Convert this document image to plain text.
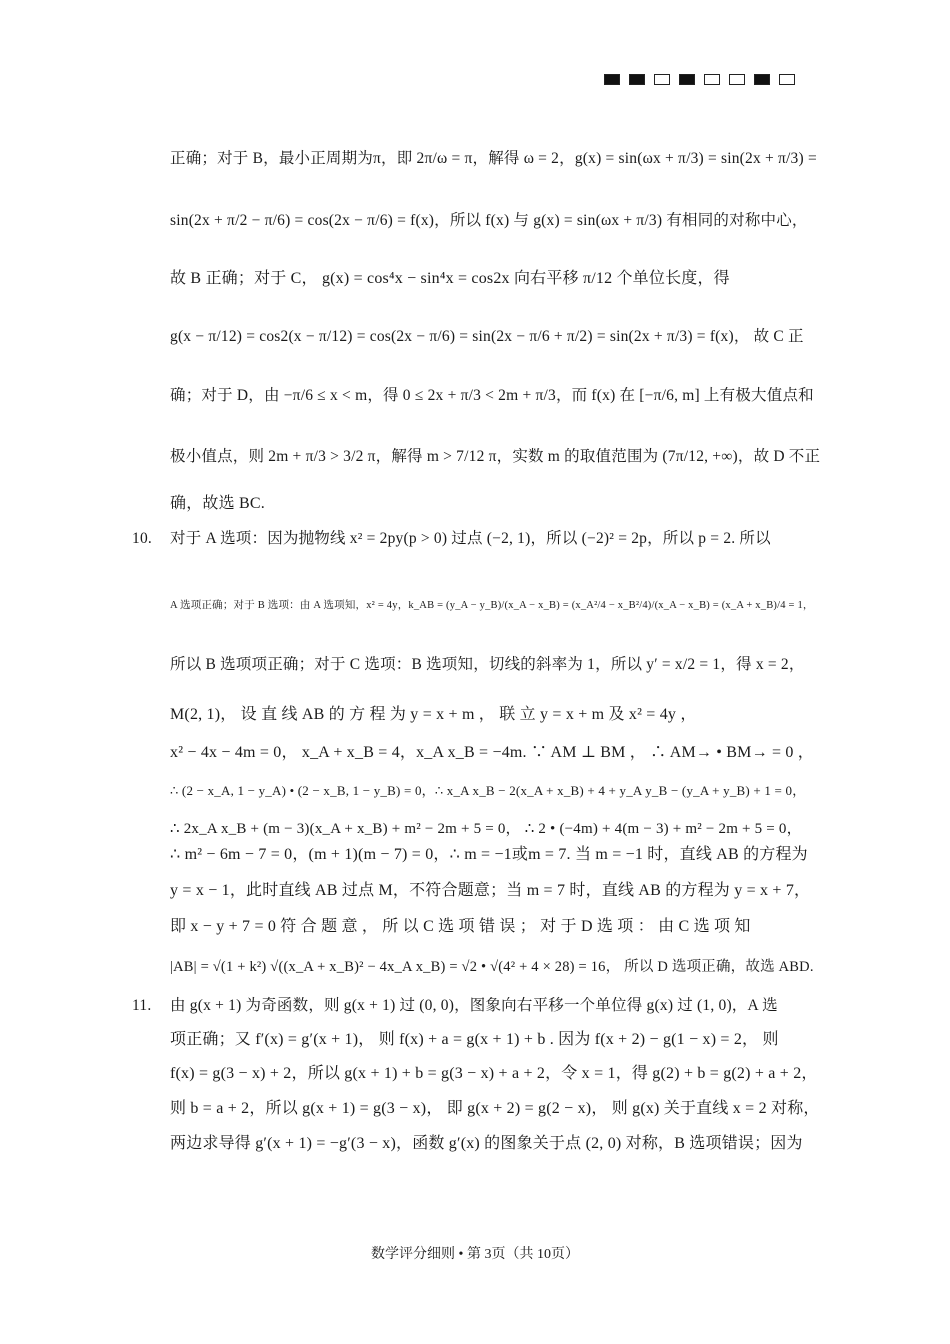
正确；对于 B，最小正周期为π，即 2π/ω = π，解得 ω = 2，g(x) = sin(ωx + π/3) = sin(2x + π/3) =
sin(2x + π/2 − π/6) = cos(2x − π/6) = f(x)，所以 f(x) 与 g(x) = sin(ωx + π/3) 有相同的对称中心，
故 B 正确；对于 C， g(x) = cos⁴x − sin⁴x = cos2x 向右平移 π/12 个单位长度，得
g(x − π/12) = cos2(x − π/12) = cos(2x − π/6) = sin(2x − π/6 + π/2) = sin(2x + π/3) = f(x)， 故 C 正
确；对于 D，由 −π/6 ≤ x < m，得 0 ≤ 2x + π/3 < 2m + π/3，而 f(x) 在 [−π/6, m] 上有极大值点和
极小值点，则 2m + π/3 > 3/2 π，解得 m > 7/12 π，实数 m 的取值范围为 (7π/12, +∞)，故 D 不正
确，故选 BC.
10. 对于 A 选项：因为抛物线 x² = 2py(p > 0) 过点 (−2, 1)，所以 (−2)² = 2p，所以 p = 2. 所以
A 选项正确；对于 B 选项：由 A 选项知，x² = 4y，k_AB = (y_A − y_B)/(x_A − x_B) = (x_A²/4 − x_B²/4)/(x_A − x_B) = (x_A + x_B)/4 = 1，
所以 B 选项项正确；对于 C 选项：B 选项知，切线的斜率为 1，所以 y′ = x/2 = 1，得 x = 2，
M(2, 1)， 设 直 线 AB 的 方 程 为 y = x + m ， 联 立 y = x + m 及 x² = 4y ，
x² − 4x − 4m = 0， x_A + x_B = 4，x_A x_B = −4m. ∵ AM ⊥ BM ， ∴ AM→ • BM→ = 0 ，
∴ (2 − x_A, 1 − y_A) • (2 − x_B, 1 − y_B) = 0，∴ x_A x_B − 2(x_A + x_B) + 4 + y_A y_B − (y_A + y_B) + 1 = 0，
∴ 2x_A x_B + (m − 3)(x_A + x_B) + m² − 2m + 5 = 0， ∴ 2 • (−4m) + 4(m − 3) + m² − 2m + 5 = 0，
∴ m² − 6m − 7 = 0，(m + 1)(m − 7) = 0，∴ m = −1或m = 7. 当 m = −1 时，直线 AB 的方程为
y = x − 1，此时直线 AB 过点 M，不符合题意；当 m = 7 时，直线 AB 的方程为 y = x + 7，
即 x − y + 7 = 0 符 合 题 意 ， 所 以 C 选 项 错 误 ； 对 于 D 选 项 ： 由 C 选 项 知
|AB| = √(1 + k²) √((x_A + x_B)² − 4x_A x_B) = √2 • √(4² + 4 × 28) = 16， 所以 D 选项正确，故选 ABD.
11. 由 g(x + 1) 为奇函数，则 g(x + 1) 过 (0, 0)，图象向右平移一个单位得 g(x) 过 (1, 0)，A 选
项正确；又 f′(x) = g′(x + 1)， 则 f(x) + a = g(x + 1) + b . 因为 f(x + 2) − g(1 − x) = 2， 则
f(x) = g(3 − x) + 2，所以 g(x + 1) + b = g(3 − x) + a + 2，令 x = 1，得 g(2) + b = g(2) + a + 2，
则 b = a + 2，所以 g(x + 1) = g(3 − x)， 即 g(x + 2) = g(2 − x)， 则 g(x) 关于直线 x = 2 对称，
两边求导得 g′(x + 1) = −g′(3 − x)，函数 g′(x) 的图象关于点 (2, 0) 对称，B 选项错误；因为
数学评分细则 • 第 3页（共 10页）
